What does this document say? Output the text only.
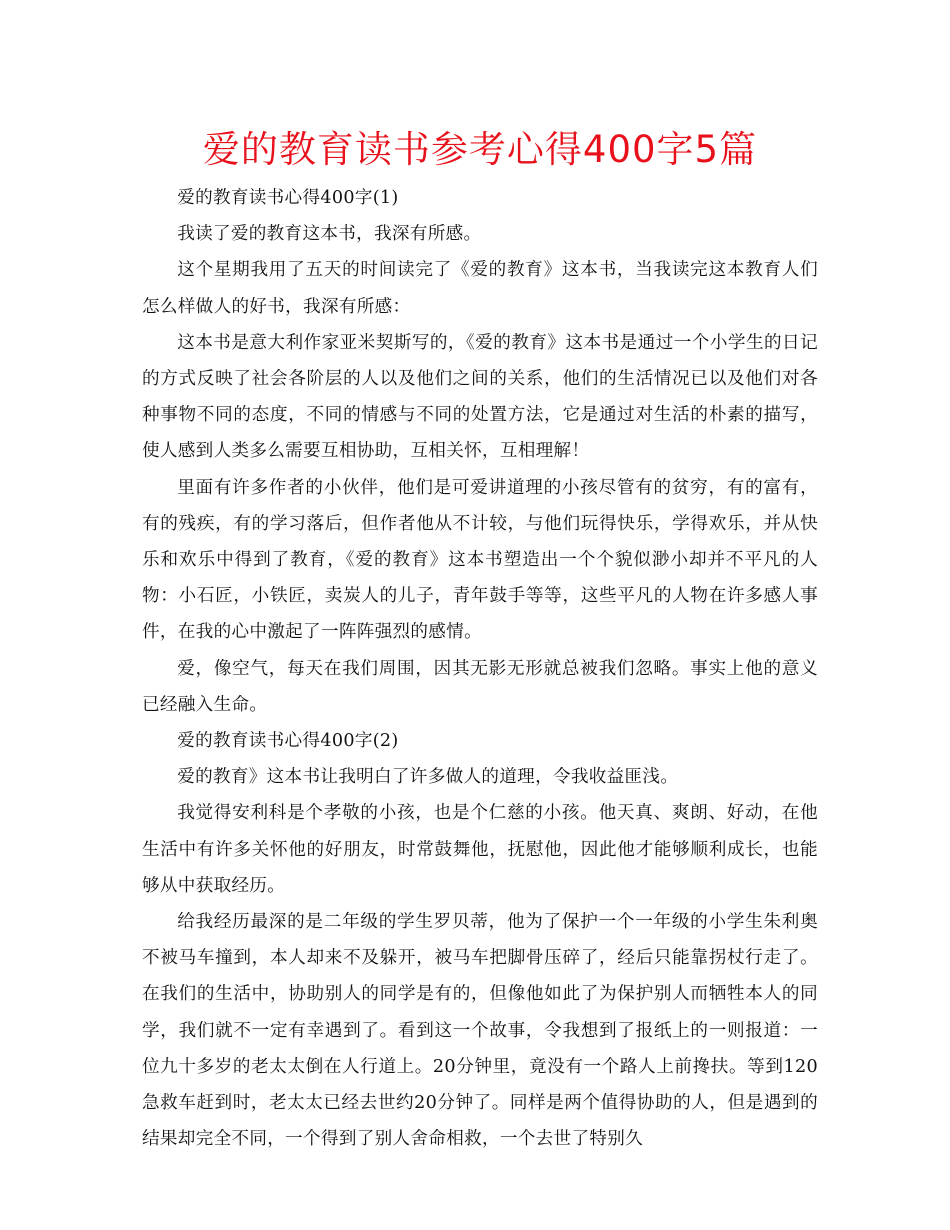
爱的教育读书参考心得400字5篇

爱的教育读书心得400字(1)

我读了爱的教育这本书，我深有所感。

这个星期我用了五天的时间读完了《爱的教育》这本书，当我读完这本教育人们怎么样做人的好书，我深有所感：

这本书是意大利作家亚米契斯写的，《爱的教育》这本书是通过一个小学生的日记的方式反映了社会各阶层的人以及他们之间的关系，他们的生活情况已以及他们对各种事物不同的态度，不同的情感与不同的处置方法，它是通过对生活的朴素的描写，使人感到人类多么需要互相协助，互相关怀，互相理解！

里面有许多作者的小伙伴，他们是可爱讲道理的小孩尽管有的贫穷，有的富有，有的残疾，有的学习落后，但作者他从不计较，与他们玩得快乐，学得欢乐，并从快乐和欢乐中得到了教育，《爱的教育》这本书塑造出一个个貌似渺小却并不平凡的人物：小石匠，小铁匠，卖炭人的儿子，青年鼓手等等，这些平凡的人物在许多感人事件，在我的心中激起了一阵阵强烈的感情。

爱，像空气，每天在我们周围，因其无影无形就总被我们忽略。事实上他的意义已经融入生命。

爱的教育读书心得400字(2)

爱的教育》这本书让我明白了许多做人的道理，令我收益匪浅。

我觉得安利科是个孝敬的小孩，也是个仁慈的小孩。他天真、爽朗、好动，在他生活中有许多关怀他的好朋友，时常鼓舞他，抚慰他，因此他才能够顺利成长，也能够从中获取经历。

给我经历最深的是二年级的学生罗贝蒂，他为了保护一个一年级的小学生朱利奥不被马车撞到，本人却来不及躲开，被马车把脚骨压碎了，经后只能靠拐杖行走了。在我们的生活中，协助别人的同学是有的，但像他如此了为保护别人而牺牲本人的同学，我们就不一定有幸遇到了。看到这一个故事，令我想到了报纸上的一则报道：一位九十多岁的老太太倒在人行道上。20分钟里，竟没有一个路人上前搀扶。等到120急救车赶到时，老太太已经去世约20分钟了。同样是两个值得协助的人，但是遇到的结果却完全不同，一个得到了别人舍命相救，一个去世了特别久
